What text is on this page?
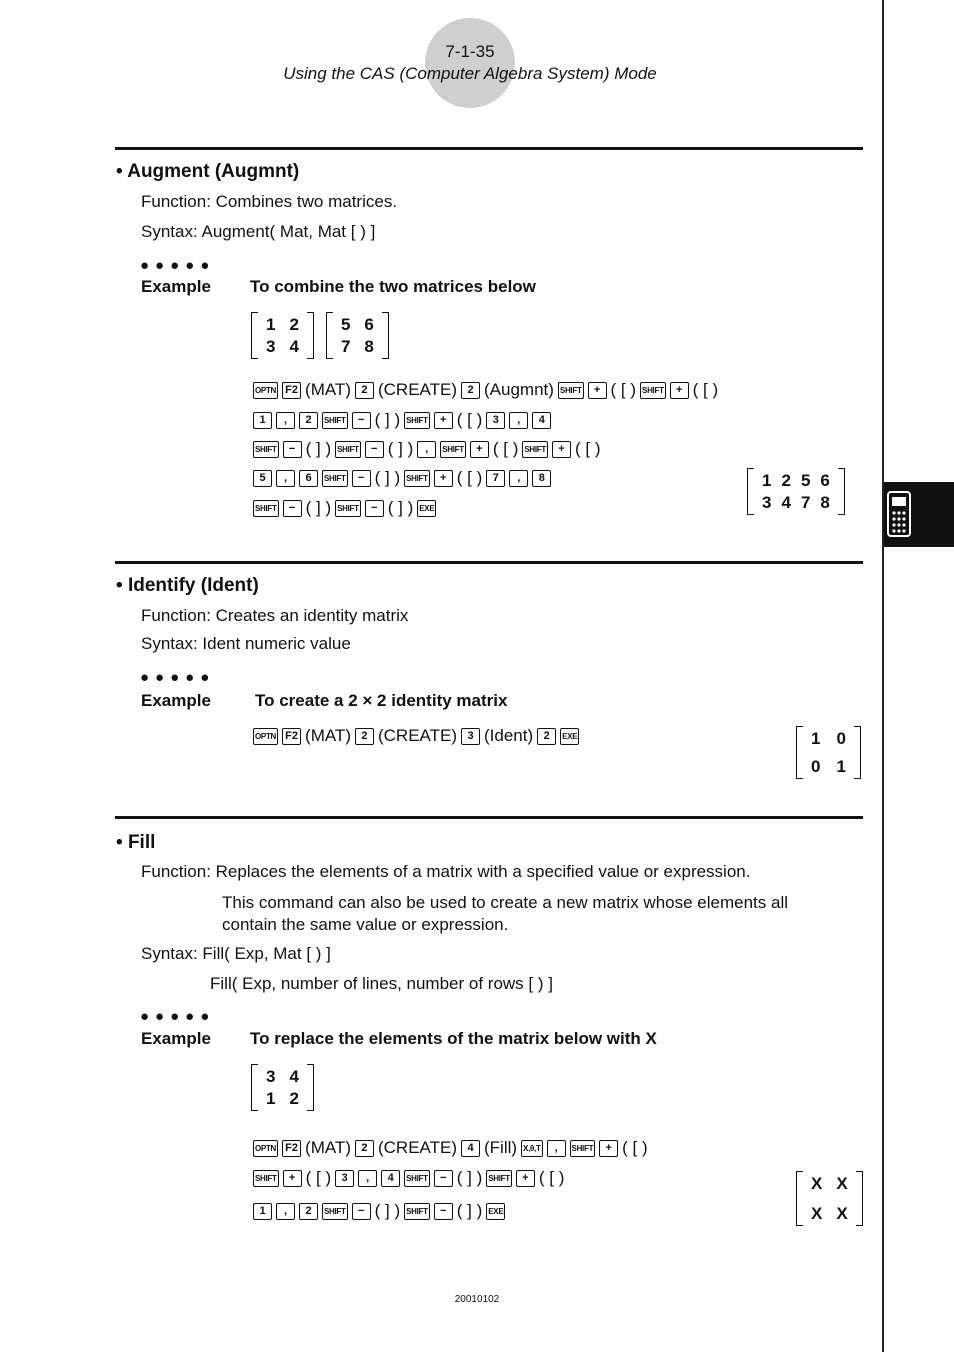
7-1-35
Using the CAS (Computer Algebra System) Mode
• Augment (Augmnt)
Function: Combines two matrices.
Syntax: Augment( Mat, Mat [ ) ]
●●●●●
Example To combine the two matrices below
1 2
3 4
5 6
7 8
OPTN F2 (MAT) 2 (CREATE) 2 (Augmnt) SHIFT	+ ( [ ) SHIFT	+ ( [ )
1	,	2	SHIFT	− ( ] ) SHIFT	+ ( [ ) 3	,	4
SHIFT	− ( ] ) SHIFT	− ( ] )	,	SHIFT	+ ( [ ) SHIFT	+ ( [ )
5	,	6	SHIFT	− ( ] ) SHIFT	+ ( [ ) 7	,	8
SHIFT	− ( ] ) SHIFT	− ( ] ) EXE
1 2 5 6
3 4 7 8
• Identify (Ident)
Function: Creates an identity matrix
Syntax: Ident numeric value
●●●●●
Example	To create a 2 × 2 identity matrix
OPTN F2 (MAT) 2 (CREATE) 3 (Ident) 2	EXE	1 0
0 1
• Fill
Function: Replaces the elements of a matrix with a specified value or expression.
This command can also be used to create a new matrix whose elements all contain the same value or expression.
Syntax: Fill( Exp, Mat [ ) ]
Fill( Exp, number of lines, number of rows [ ) ]
●●●●●
Example To replace the elements of the matrix below with X
3 4
1 2
OPTN F2 (MAT) 2 (CREATE) 4 (Fill) X,θ,T	,	SHIFT	+ ( [ )
SHIFT	+ ( [ ) 3	,	4	SHIFT	− ( ] ) SHIFT	+ ( [ )
1	,	2	SHIFT	− ( ] ) SHIFT	− ( ] ) EXE
X X
X X
20010102
